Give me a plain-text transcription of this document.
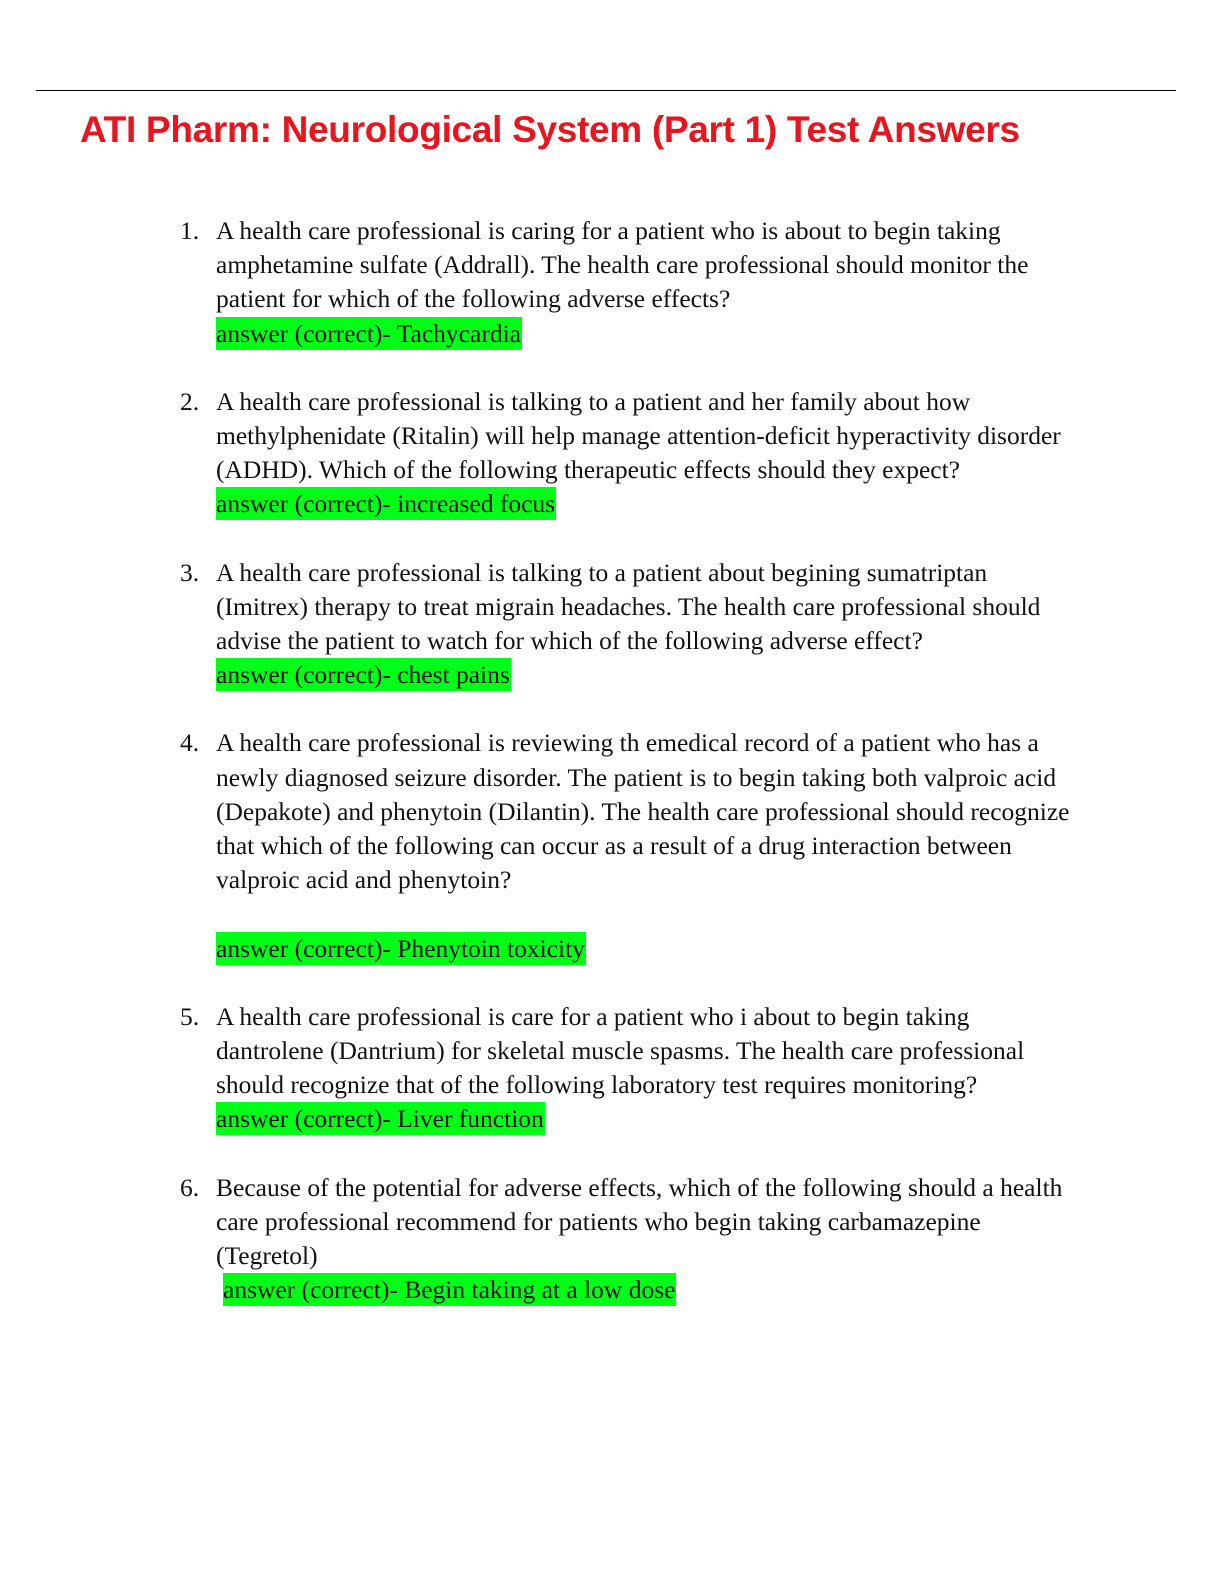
ATI Pharm: Neurological System (Part 1) Test Answers
1. A health care professional is caring for a patient who is about to begin taking amphetamine sulfate (Addrall). The health care professional should monitor the patient for which of the following adverse effects?
answer (correct)- Tachycardia
2. A health care professional is talking to a patient and her family about how methylphenidate (Ritalin) will help manage attention-deficit hyperactivity disorder (ADHD). Which of the following therapeutic effects should they expect?
answer (correct)- increased focus
3. A health care professional is talking to a patient about begining sumatriptan (Imitrex) therapy to treat migrain headaches. The health care professional should advise the patient to watch for which of the following adverse effect?
answer (correct)- chest pains
4. A health care professional is reviewing th emedical record of a patient who has a newly diagnosed seizure disorder. The patient is to begin taking both valproic acid (Depakote) and phenytoin (Dilantin). The health care professional should recognize that which of the following can occur as a result of a drug interaction between valproic acid and phenytoin?
answer (correct)- Phenytoin toxicity
5. A health care professional is care for a patient who i about to begin taking dantrolene (Dantrium) for skeletal muscle spasms. The health care professional should recognize that of the following laboratory test requires monitoring?
answer (correct)- Liver function
6. Because of the potential for adverse effects, which of the following should a health care professional recommend for patients who begin taking carbamazepine (Tegretol)
answer (correct)- Begin taking at a low dose
